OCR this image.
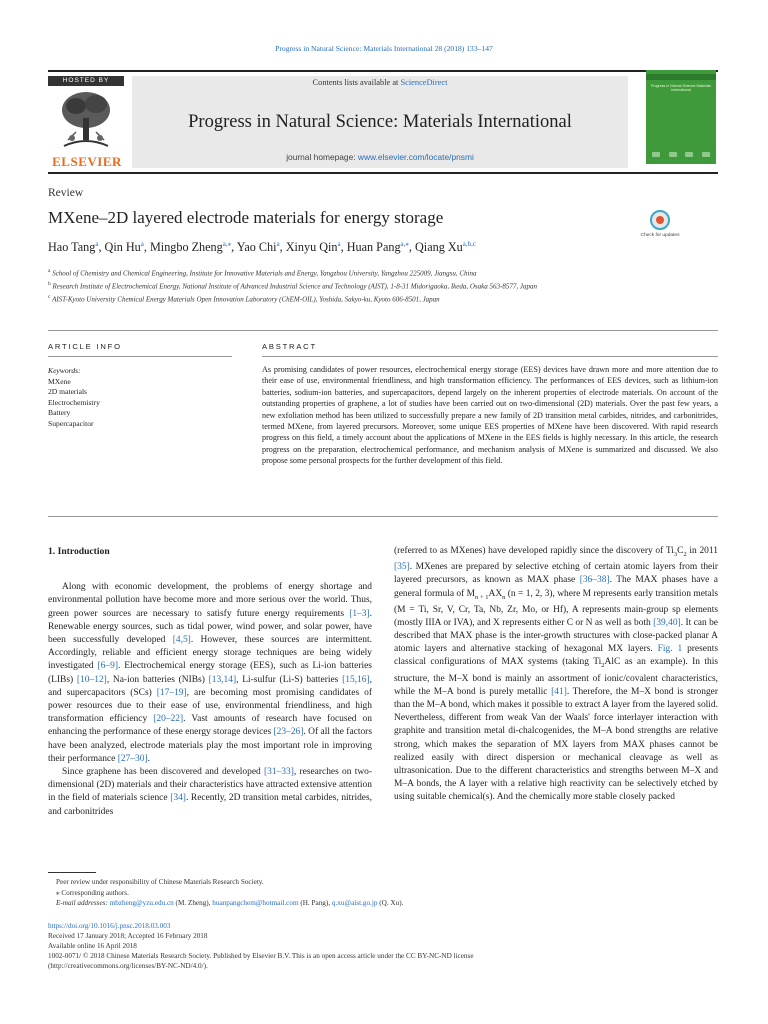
Progress in Natural Science: Materials International 28 (2018) 133–147
HOSTED BY
ELSEVIER
Contents lists available at ScienceDirect
Progress in Natural Science: Materials International
journal homepage: www.elsevier.com/locate/pnsmi
Progress in Natural Science Materials International
Review
MXene–2D layered electrode materials for energy storage
Check for updates
Hao Tang$^a$, Qin Hu$^a$, Mingbo Zheng$^{a,⁎}$, Yao Chi$^a$, Xinyu Qin$^a$, Huan Pang$^{a,⁎}$, Qiang Xu$^{a,b,c}$
$^a$ School of Chemistry and Chemical Engineering, Institute for Innovative Materials and Energy, Yangzhou University, Yangzhou 225009, Jiangsu, China
$^b$ Research Institute of Electrochemical Energy, National Institute of Advanced Industrial Science and Technology (AIST), 1-8-31 Midorigaoka, Ikeda, Osaka 563-8577, Japan
$^c$ AIST-Kyoto University Chemical Energy Materials Open Innovation Laboratory (ChEM-OIL), Yoshida, Sakyo-ku, Kyoto 606-8501, Japan
ARTICLE INFO	ABSTRACT
Keywords:
MXene
2D materials
Electrochemistry
Battery
Supercapacitor
As promising candidates of power resources, electrochemical energy storage (EES) devices have drawn more and more attention due to their ease of use, environmental friendliness, and high transformation efficiency. The performances of EES devices, such as lithium-ion batteries, sodium-ion batteries, and supercapacitors, depend largely on the inherent properties of electrode materials. On account of the outstanding properties of graphene, a lot of studies have been carried out on two-dimensional (2D) materials. Over the past few years, a new exfoliation method has been utilized to successfully prepare a new family of 2D transition metal carbides, nitrides, and carbonitrides, termed MXene, from layered precursors. Moreover, some unique EES properties of MXene have been discovered. With rapid research progress on this field, a timely account about the applications of MXene in the EES fields is highly necessary. In this article, the research progress on the preparation, electrochemical performance, and mechanism analysis of MXene is summarized and discussed. We also propose some personal prospects for the further development of this field.
1. Introduction

Along with economic development, the problems of energy shortage and environmental pollution have become more and more serious over the world. Thus, green power sources are necessary to satisfy future energy requirements [1–3]. Renewable energy sources, such as tidal power, wind power, and solar power, have been successfully developed [4,5]. However, these sources are intermittent. Accordingly, reliable and efficient energy storage techniques are being widely investigated [6–9]. Electrochemical energy storage (EES), such as Li-ion batteries (LIBs) [10–12], Na-ion batteries (NIBs) [13,14], Li-sulfur (Li-S) batteries [15,16], and supercapacitors (SCs) [17–19], are becoming most promising candidates of power resources due to their ease of use, environmental friendliness, and high transformation efficiency [20–22]. Vast amounts of research have focused on enhancing the performance of these energy storage devices [23–26]. Of all the factors have been analyzed, electrode materials play the most important role in improving their performance [27–30].

Since graphene has been discovered and developed [31–33], researches on two-dimensional (2D) materials and their characteristics have attracted extensive attention in the field of materials science [34]. Recently, 2D transition metal carbides, nitrides, and carbonitrides

(referred to as MXenes) have developed rapidly since the discovery of $Ti_3C_2$ in 2011 [35]. MXenes are prepared by selective etching of certain atomic layers from their layered precursors, as known as MAX phase [36–38]. The MAX phases have a general formula of $M_{n + 1}AX_n$ (n = 1, 2, 3), where M represents early transition metals (M = Ti, Sr, V, Cr, Ta, Nb, Zr, Mo, or Hf), A represents main-group sp elements (mostly IIIA or IVA), and X represents either C or N as well as both [39,40]. It can be described that MAX phase is the inter-growth structures with close-packed planar A atomic layers and alternative stacking of hexagonal MX layers. Fig. 1 presents classical configurations of MAX systems (taking $Ti_2AlC$ as an example). In this structure, the M–X bond is mainly an assortment of ionic/covalent characteristics, while the M–A bond is purely metallic [41]. Therefore, the M–X bond is stronger than the M–A bond, which makes it possible to extract A layer from the layered solid. Nevertheless, different from weak Van der Waals' force interlayer interaction with graphite and transition metal di-chalcogenides, the M–A bond strengths are relative strong, which makes the separation of MX layers from MAX phases cannot be realized easily with direct dispersion or mechanical cleavage as well as ultrasonication. Due to the different characteristics and strengths between M–X and M–A bonds, the A layer with a relative high reactivity can be selectively etched by using suitable chemical(s). And the chemically more stable closely packed

Peer review under responsibility of Chinese Materials Research Society.
⁎ Corresponding authors.
E-mail addresses: mbzheng@yzu.edu.cn (M. Zheng), huanpangchem@hotmail.com (H. Pang), q.xu@aist.go.jp (Q. Xu).
https://doi.org/10.1016/j.pnsc.2018.03.003
Received 17 January 2018; Accepted 16 February 2018
Available online 16 April 2018
1002-0071/ © 2018 Chinese Materials Research Society. Published by Elsevier B.V. This is an open access article under the CC BY-NC-ND license
(http://creativecommons.org/licenses/BY-NC-ND/4.0/).
